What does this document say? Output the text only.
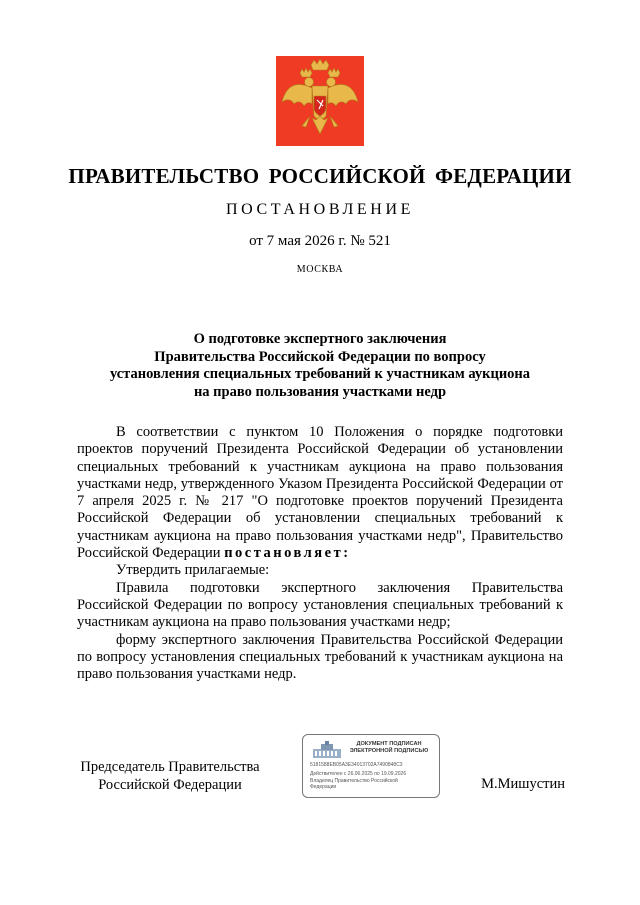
ПРАВИТЕЛЬСТВО РОССИЙСКОЙ ФЕДЕРАЦИИ
ПОСТАНОВЛЕНИЕ
от 7 мая 2026 г. № 521
МОСКВА
О подготовке экспертного заключения
Правительства Российской Федерации по вопросу
установления специальных требований к участникам аукциона
на право пользования участками недр
В соответствии с пунктом 10 Положения о порядке подготовки проектов поручений Президента Российской Федерации об установлении специальных требований к участникам аукциона на право пользования участками недр, утвержденного Указом Президента Российской Федерации от 7 апреля 2025 г. № 217 "О подготовке проектов поручений Президента Российской Федерации об установлении специальных требований к участникам аукциона на право пользования участками недр", Правительство Российской Федерации постановляет:
Утвердить прилагаемые:
Правила подготовки экспертного заключения Правительства Российской Федерации по вопросу установления специальных требований к участникам аукциона на право пользования участками недр;
форму экспертного заключения Правительства Российской Федерации по вопросу установления специальных требований к участникам аукциона на право пользования участками недр.
Председатель Правительства
Российской Федерации
ДОКУМЕНТ ПОДПИСАН
ЭЛЕКТРОННОЙ ПОДПИСЬЮ
5181588EB05A3E34013702A7490848C3
Действителен с 26.06.2025 по 19.09.2026
Владелец Правительство Российской
Федерации	М.Мишустин
